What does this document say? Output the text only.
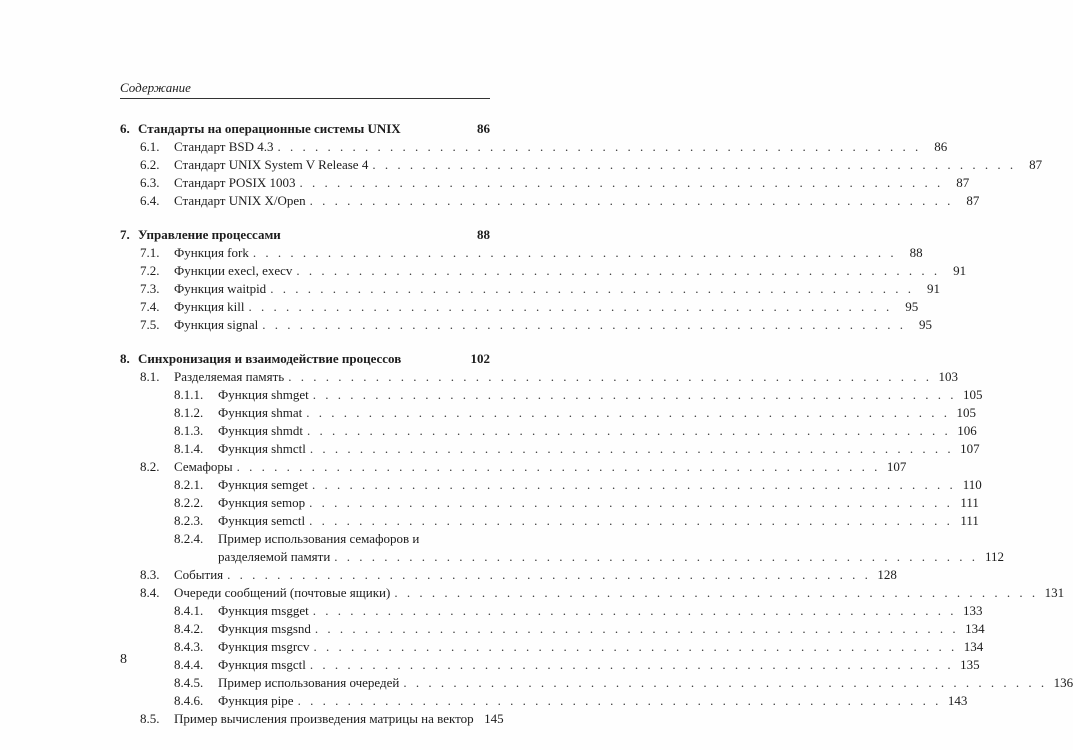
Содержание
6. Стандарты на операционные системы UNIX	86
6.1.	Стандарт BSD 4.3 . . . . . . . . . . . . . . . . . . . . . . . . . . . . . . . . . . . . . . . . . . . . . . . . . . . .	86
6.2.	Стандарт UNIX System V Release 4 . . . . . . . . . . . . . . . . . . . . . . . . . . . . . . . . . . . . . . . . . . . . . . . . . . . .	87
6.3.	Стандарт POSIX 1003 . . . . . . . . . . . . . . . . . . . . . . . . . . . . . . . . . . . . . . . . . . . . . . . . . . . .	87
6.4.	Стандарт UNIX X/Open . . . . . . . . . . . . . . . . . . . . . . . . . . . . . . . . . . . . . . . . . . . . . . . . . . . .	87
7. Управление процессами	88
7.1.	Функция fork . . . . . . . . . . . . . . . . . . . . . . . . . . . . . . . . . . . . . . . . . . . . . . . . . . . .	88
7.2.	Функции execl, execv . . . . . . . . . . . . . . . . . . . . . . . . . . . . . . . . . . . . . . . . . . . . . . . . . . . .	91
7.3.	Функция waitpid . . . . . . . . . . . . . . . . . . . . . . . . . . . . . . . . . . . . . . . . . . . . . . . . . . . .	91
7.4.	Функция kill . . . . . . . . . . . . . . . . . . . . . . . . . . . . . . . . . . . . . . . . . . . . . . . . . . . .	95
7.5.	Функция signal . . . . . . . . . . . . . . . . . . . . . . . . . . . . . . . . . . . . . . . . . . . . . . . . . . . .	95
8. Синхронизация и взаимодействие процессов	102
8.1.	Разделяемая память . . . . . . . . . . . . . . . . . . . . . . . . . . . . . . . . . . . . . . . . . . . . . . . . . . . . 103
8.1.1.	Функция shmget . . . . . . . . . . . . . . . . . . . . . . . . . . . . . . . . . . . . . . . . . . . . . . . . . . . . 105
8.1.2.	Функция shmat . . . . . . . . . . . . . . . . . . . . . . . . . . . . . . . . . . . . . . . . . . . . . . . . . . . . 105
8.1.3.	Функция shmdt . . . . . . . . . . . . . . . . . . . . . . . . . . . . . . . . . . . . . . . . . . . . . . . . . . . . 106
8.1.4.	Функция shmctl . . . . . . . . . . . . . . . . . . . . . . . . . . . . . . . . . . . . . . . . . . . . . . . . . . . . 107
8.2.	Семафоры . . . . . . . . . . . . . . . . . . . . . . . . . . . . . . . . . . . . . . . . . . . . . . . . . . . . 107
8.2.1.	Функция semget . . . . . . . . . . . . . . . . . . . . . . . . . . . . . . . . . . . . . . . . . . . . . . . . . . . . 110
8.2.2.	Функция semop . . . . . . . . . . . . . . . . . . . . . . . . . . . . . . . . . . . . . . . . . . . . . . . . . . . . 111
8.2.3.	Функция semctl . . . . . . . . . . . . . . . . . . . . . . . . . . . . . . . . . . . . . . . . . . . . . . . . . . . . 111
8.2.4.	Пример использования семафоров и
разделяемой памяти . . . . . . . . . . . . . . . . . . . . . . . . . . . . . . . . . . . . . . . . . . . . . . . . . . . . 112
8.3.	События . . . . . . . . . . . . . . . . . . . . . . . . . . . . . . . . . . . . . . . . . . . . . . . . . . . . 128
8.4.	Очереди сообщений (почтовые ящики) . . . . . . . . . . . . . . . . . . . . . . . . . . . . . . . . . . . . . . . . . . . . . . . . . . . . 131
8.4.1.	Функция msgget . . . . . . . . . . . . . . . . . . . . . . . . . . . . . . . . . . . . . . . . . . . . . . . . . . . . 133
8.4.2.	Функция msgsnd . . . . . . . . . . . . . . . . . . . . . . . . . . . . . . . . . . . . . . . . . . . . . . . . . . . . 134
8.4.3.	Функция msgrcv . . . . . . . . . . . . . . . . . . . . . . . . . . . . . . . . . . . . . . . . . . . . . . . . . . . . 134
8.4.4.	Функция msgctl . . . . . . . . . . . . . . . . . . . . . . . . . . . . . . . . . . . . . . . . . . . . . . . . . . . . 135
8.4.5.	Пример использования очередей . . . . . . . . . . . . . . . . . . . . . . . . . . . . . . . . . . . . . . . . . . . . . . . . . . . . 136
8.4.6.	Функция pipe . . . . . . . . . . . . . . . . . . . . . . . . . . . . . . . . . . . . . . . . . . . . . . . . . . . . 143
8.5.	Пример вычисления произведения матрицы на вектор 145
8
